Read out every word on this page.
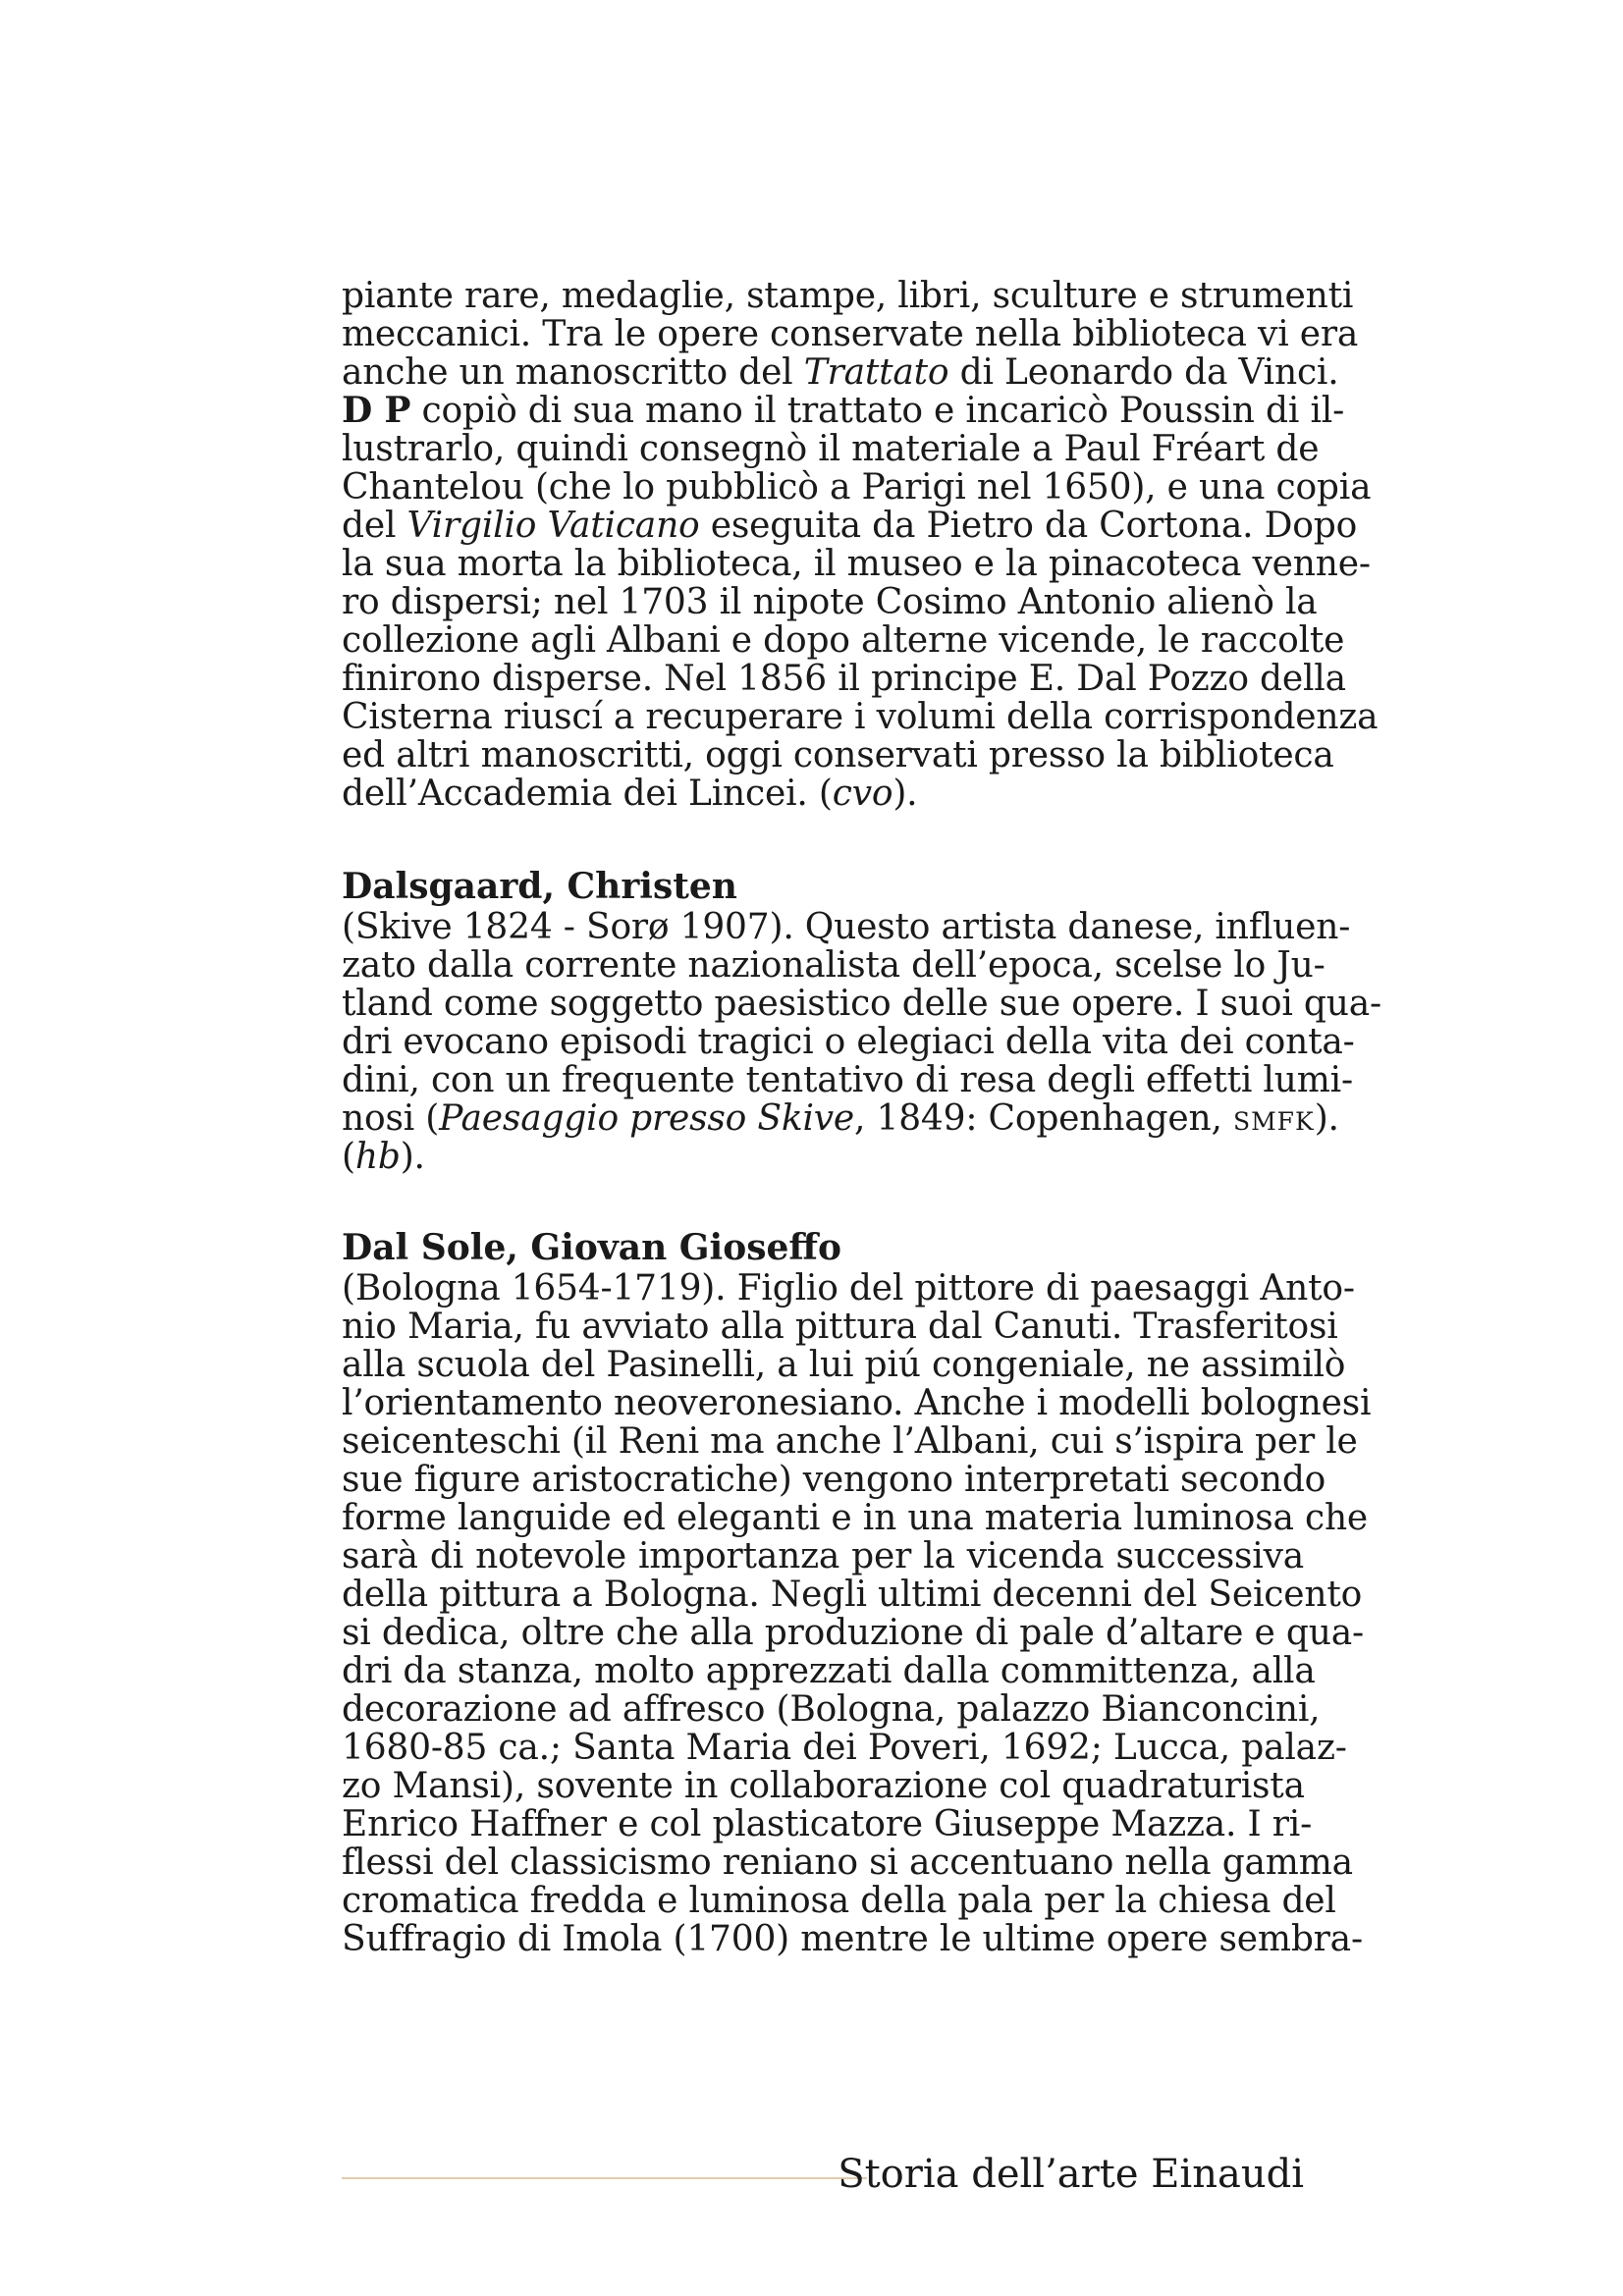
piante rare, medaglie, stampe, libri, sculture e strumenti
meccanici. Tra le opere conservate nella biblioteca vi era
anche un manoscritto del Trattato di Leonardo da Vinci.
D P copiò di sua mano il trattato e incaricò Poussin di il-
lustrarlo, quindi consegnò il materiale a Paul Fréart de
Chantelou (che lo pubblicò a Parigi nel 1650), e una copia
del Virgilio Vaticano eseguita da Pietro da Cortona. Dopo
la sua morta la biblioteca, il museo e la pinacoteca venne-
ro dispersi; nel 1703 il nipote Cosimo Antonio alienò la
collezione agli Albani e dopo alterne vicende, le raccolte
finirono disperse. Nel 1856 il principe E. Dal Pozzo della
Cisterna riuscí a recuperare i volumi della corrispondenza
ed altri manoscritti, oggi conservati presso la biblioteca
dell’Accademia dei Lincei. (cvo).
Dalsgaard, Christen
(Skive 1824 - Sorø 1907). Questo artista danese, influen-
zato dalla corrente nazionalista dell’epoca, scelse lo Ju-
tland come soggetto paesistico delle sue opere. I suoi qua-
dri evocano episodi tragici o elegiaci della vita dei conta-
dini, con un frequente tentativo di resa degli effetti lumi-
nosi (Paesaggio presso Skive, 1849: Copenhagen, smfk).
(hb).
Dal Sole, Giovan Gioseffo
(Bologna 1654-1719). Figlio del pittore di paesaggi Anto-
nio Maria, fu avviato alla pittura dal Canuti. Trasferitosi
alla scuola del Pasinelli, a lui piú congeniale, ne assimilò
l’orientamento neoveronesiano. Anche i modelli bolognesi
seicenteschi (il Reni ma anche l’Albani, cui s’ispira per le
sue figure aristocratiche) vengono interpretati secondo
forme languide ed eleganti e in una materia luminosa che
sarà di notevole importanza per la vicenda successiva
della pittura a Bologna. Negli ultimi decenni del Seicento
si dedica, oltre che alla produzione di pale d’altare e qua-
dri da stanza, molto apprezzati dalla committenza, alla
decorazione ad affresco (Bologna, palazzo Bianconcini,
1680-85 ca.; Santa Maria dei Poveri, 1692; Lucca, palaz-
zo Mansi), sovente in collaborazione col quadraturista
Enrico Haffner e col plasticatore Giuseppe Mazza. I ri-
flessi del classicismo reniano si accentuano nella gamma
cromatica fredda e luminosa della pala per la chiesa del
Suffragio di Imola (1700) mentre le ultime opere sembra-
Storia dell’arte Einaudi
